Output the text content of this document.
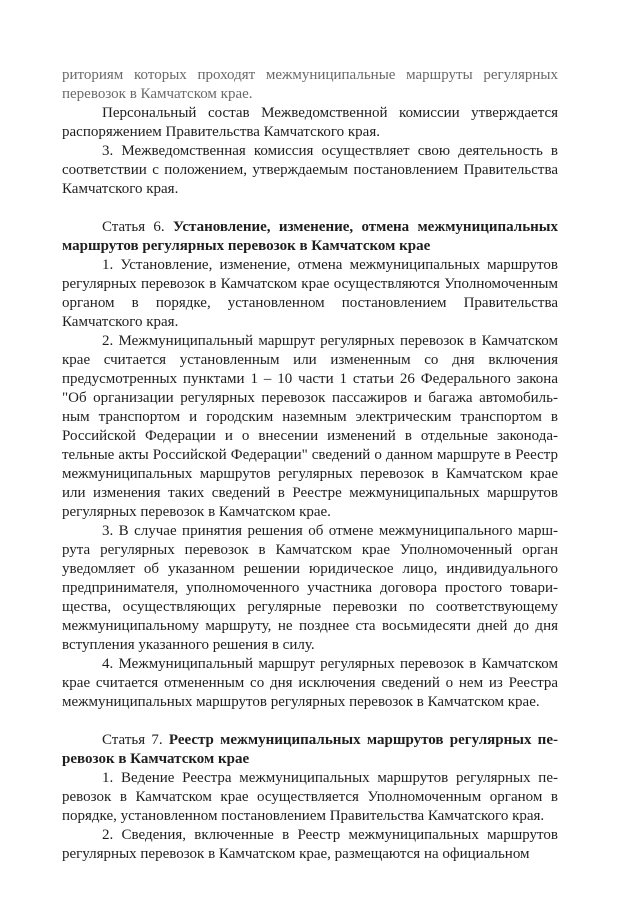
риториям которых проходят межмуниципальные маршруты регулярных перевозок в Камчатском крае.

Персональный состав Межведомственной комиссии утверждается распоряжением Правительства Камчатского края.

3. Межведомственная комиссия осуществляет свою деятельность в соответствии с положением, утверждаемым постановлением Правительства Камчатского края.

Статья 6. Установление, изменение, отмена межмуниципальных маршрутов регулярных перевозок в Камчатском крае

1. Установление, изменение, отмена межмуниципальных маршрутов регулярных перевозок в Камчатском крае осуществляются Уполномоченным органом в порядке, установленном постановлением Правительства Камчатского края.

2. Межмуниципальный маршрут регулярных перевозок в Камчатском крае считается установленным или измененным со дня включения предусмотренных пунктами 1 – 10 части 1 статьи 26 Федерального закона "Об организации регулярных перевозок пассажиров и багажа автомобильным транспортом и городским наземным электрическим транспортом в Российской Федерации и о внесении изменений в отдельные законодательные акты Российской Федерации" сведений о данном маршруте в Реестр межмуниципальных маршрутов регулярных перевозок в Камчатском крае или изменения таких сведений в Реестре межмуниципальных маршрутов регулярных перевозок в Камчатском крае.

3. В случае принятия решения об отмене межмуниципального маршрута регулярных перевозок в Камчатском крае Уполномоченный орган уведомляет об указанном решении юридическое лицо, индивидуального предпринимателя, уполномоченного участника договора простого товарищества, осуществляющих регулярные перевозки по соответствующему межмуниципальному маршруту, не позднее ста восьмидесяти дней до дня вступления указанного решения в силу.

4. Межмуниципальный маршрут регулярных перевозок в Камчатском крае считается отмененным со дня исключения сведений о нем из Реестра межмуниципальных маршрутов регулярных перевозок в Камчатском крае.

Статья 7. Реестр межмуниципальных маршрутов регулярных перевозок в Камчатском крае

1. Ведение Реестра межмуниципальных маршрутов регулярных перевозок в Камчатском крае осуществляется Уполномоченным органом в порядке, установленном постановлением Правительства Камчатского края.

2. Сведения, включенные в Реестр межмуниципальных маршрутов регулярных перевозок в Камчатском крае, размещаются на официальном
